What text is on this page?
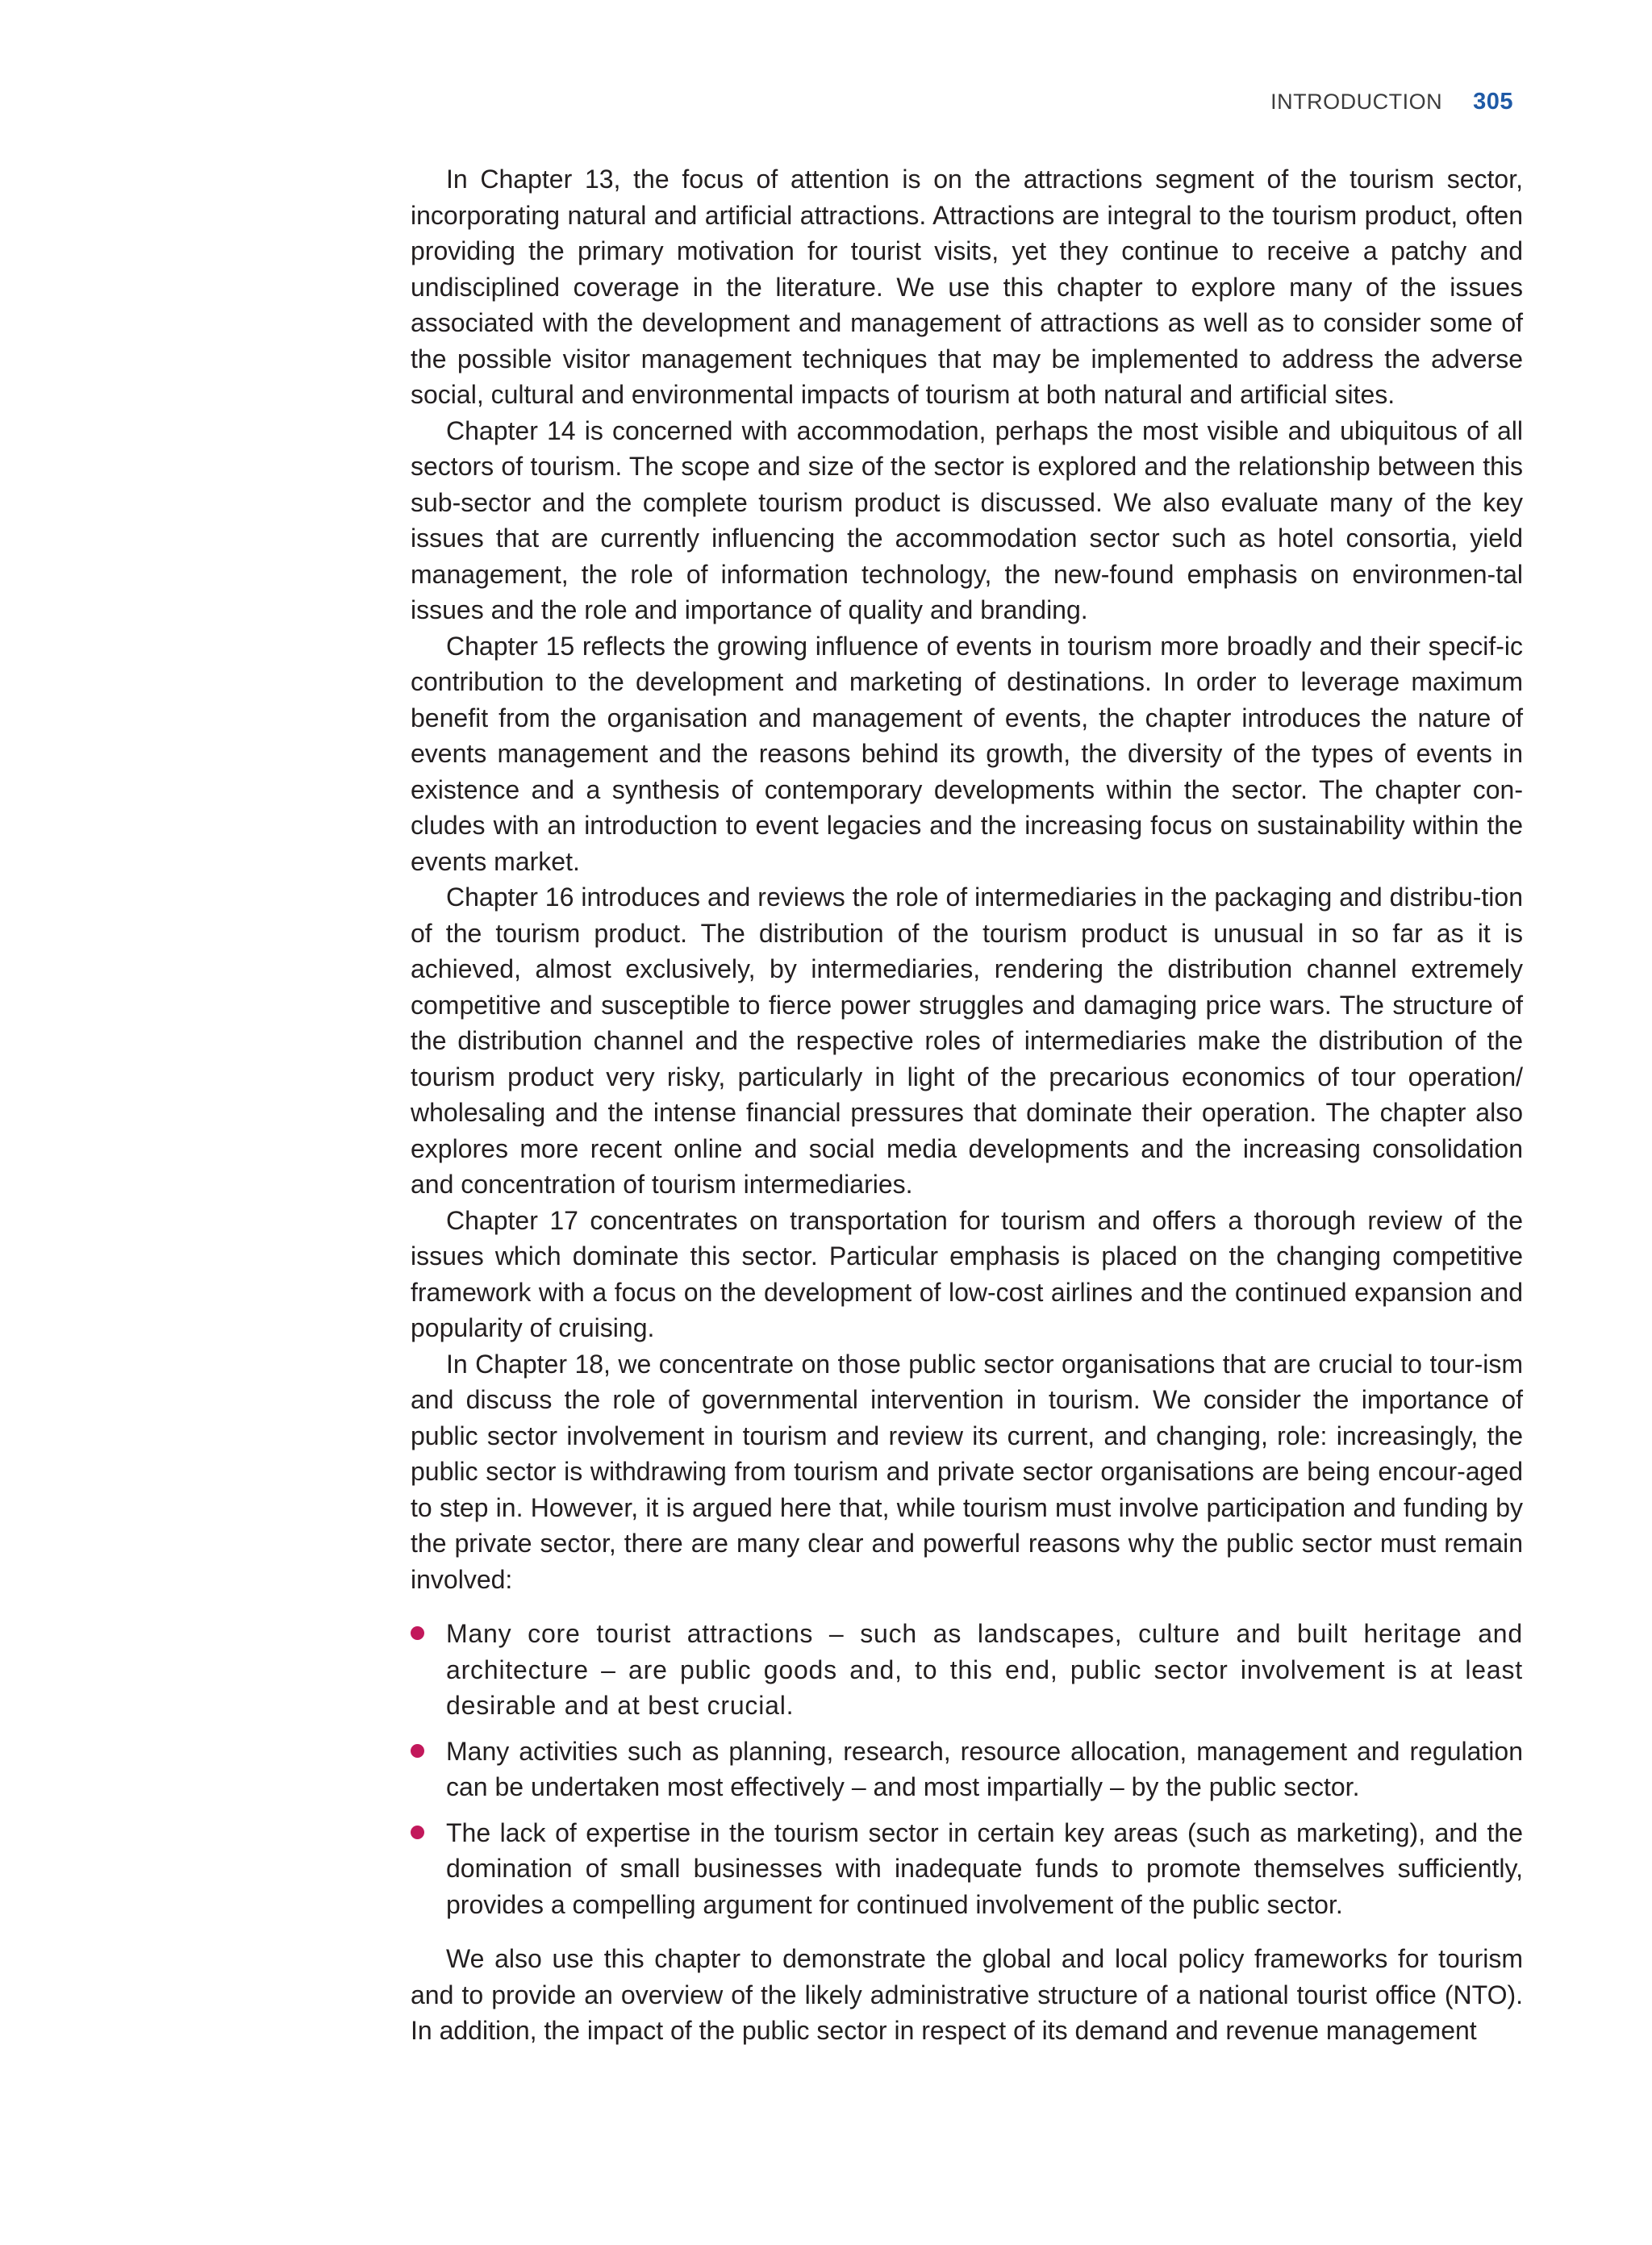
INTRODUCTION 305

In Chapter 13, the focus of attention is on the attractions segment of the tourism sector, incorporating natural and artificial attractions. Attractions are integral to the tourism product, often providing the primary motivation for tourist visits, yet they continue to receive a patchy and undisciplined coverage in the literature. We use this chapter to explore many of the issues associated with the development and management of attractions as well as to consider some of the possible visitor management techniques that may be implemented to address the adverse social, cultural and environmental impacts of tourism at both natural and artificial sites.

Chapter 14 is concerned with accommodation, perhaps the most visible and ubiquitous of all sectors of tourism. The scope and size of the sector is explored and the relationship between this sub-sector and the complete tourism product is discussed. We also evaluate many of the key issues that are currently influencing the accommodation sector such as hotel consortia, yield management, the role of information technology, the new-found emphasis on environmen-tal issues and the role and importance of quality and branding.

Chapter 15 reflects the growing influence of events in tourism more broadly and their specif-ic contribution to the development and marketing of destinations. In order to leverage maximum benefit from the organisation and management of events, the chapter introduces the nature of events management and the reasons behind its growth, the diversity of the types of events in existence and a synthesis of contemporary developments within the sector. The chapter con-cludes with an introduction to event legacies and the increasing focus on sustainability within the events market.

Chapter 16 introduces and reviews the role of intermediaries in the packaging and distribu-tion of the tourism product. The distribution of the tourism product is unusual in so far as it is achieved, almost exclusively, by intermediaries, rendering the distribution channel extremely competitive and susceptible to fierce power struggles and damaging price wars. The structure of the distribution channel and the respective roles of intermediaries make the distribution of the tourism product very risky, particularly in light of the precarious economics of tour operation/ wholesaling and the intense financial pressures that dominate their operation. The chapter also explores more recent online and social media developments and the increasing consolidation and concentration of tourism intermediaries.

Chapter 17 concentrates on transportation for tourism and offers a thorough review of the issues which dominate this sector. Particular emphasis is placed on the changing competitive framework with a focus on the development of low-cost airlines and the continued expansion and popularity of cruising.

In Chapter 18, we concentrate on those public sector organisations that are crucial to tour-ism and discuss the role of governmental intervention in tourism. We consider the importance of public sector involvement in tourism and review its current, and changing, role: increasingly, the public sector is withdrawing from tourism and private sector organisations are being encour-aged to step in. However, it is argued here that, while tourism must involve participation and funding by the private sector, there are many clear and powerful reasons why the public sector must remain involved:

Many core tourist attractions – such as landscapes, culture and built heritage and architecture – are public goods and, to this end, public sector involvement is at least desirable and at best crucial.
Many activities such as planning, research, resource allocation, management and regulation can be undertaken most effectively – and most impartially – by the public sector.
The lack of expertise in the tourism sector in certain key areas (such as marketing), and the domination of small businesses with inadequate funds to promote themselves sufficiently, provides a compelling argument for continued involvement of the public sector.

We also use this chapter to demonstrate the global and local policy frameworks for tourism and to provide an overview of the likely administrative structure of a national tourist office (NTO). In addition, the impact of the public sector in respect of its demand and revenue management
